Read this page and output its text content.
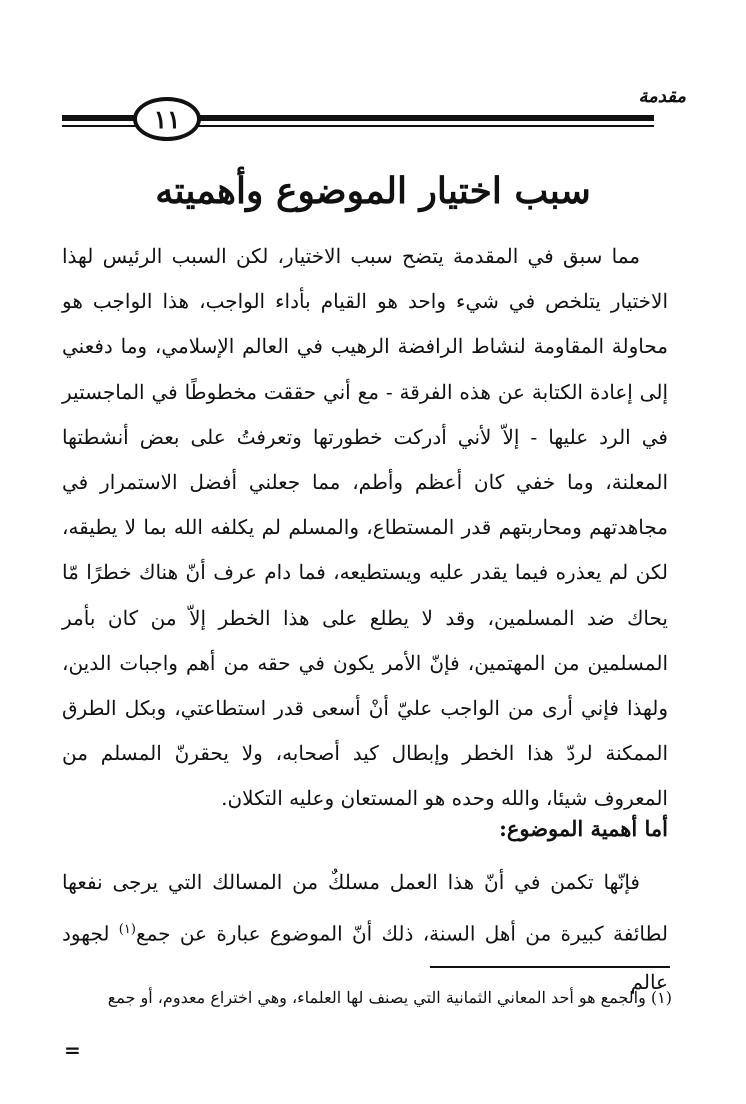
مقدمة
١١
سبب اختيار الموضوع وأهميته

مما سبق في المقدمة يتضح سبب الاختيار، لكن السبب الرئيس لهذا الاختيار يتلخص في شيء واحد هو القيام بأداء الواجب، هذا الواجب هو محاولة المقاومة لنشاط الرافضة الرهيب في العالم الإسلامي، وما دفعني إلى إعادة الكتابة عن هذه الفرقة - مع أني حققت مخطوطًا في الماجستير في الرد عليها - إلاّ لأني أدركت خطورتها وتعرفتُ على بعض أنشطتها المعلنة، وما خفي كان أعظم وأطم، مما جعلني أفضل الاستمرار في مجاهدتهم ومحاربتهم قدر المستطاع، والمسلم لم يكلفه الله بما لا يطيقه، لكن لم يعذره فيما يقدر عليه ويستطيعه، فما دام عرف أنّ هناك خطرًا مّا يحاك ضد المسلمين، وقد لا يطلع على هذا الخطر إلاّ من كان بأمر المسلمين من المهتمين، فإنّ الأمر يكون في حقه من أهم واجبات الدين، ولهذا فإني أرى من الواجب عليّ أنْ أسعى قدر استطاعتي، وبكل الطرق الممكنة لردّ هذا الخطر وإبطال كيد أصحابه، ولا يحقرنّ المسلم من المعروف شيئا، والله وحده هو المستعان وعليه التكلان.

أما أهمية الموضوع:

فإنّها تكمن في أنّ هذا العمل مسلكٌ من المسالك التي يرجى نفعها لطائفة كبيرة من أهل السنة، ذلك أنّ الموضوع عبارة عن جمع$^{(١)}$ لجهود عالم

(١) والجمع هو أحد المعاني الثمانية التي يصنف لها العلماء، وهي اختراع معدوم، أو جمع
=
